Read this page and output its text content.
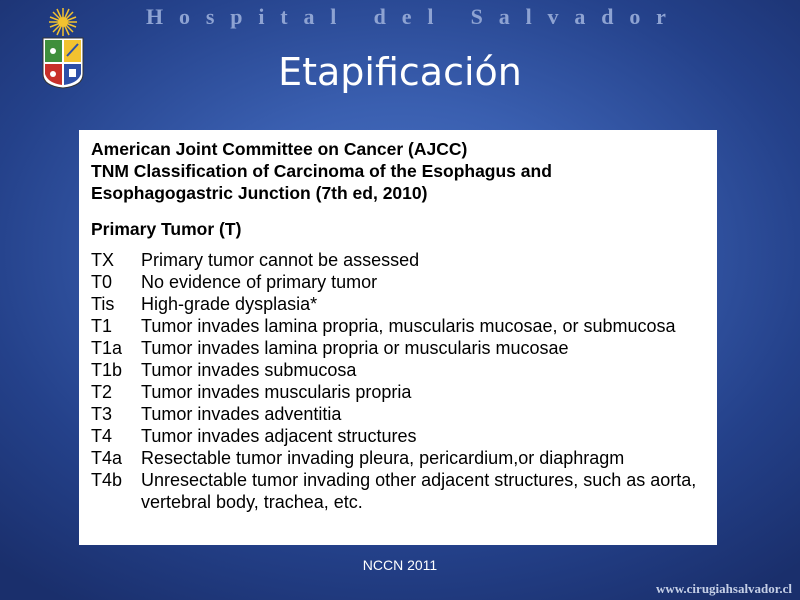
H o s p i t a l
d e l
S a l v a d o r
Etapificación
American Joint Committee on Cancer (AJCC)
TNM Classification of Carcinoma of the Esophagus and
Esophagogastric Junction (7th ed, 2010)
Primary Tumor (T)
TX	Primary tumor cannot be assessed
T0	No evidence of primary tumor
Tis	High-grade dysplasia*
T1	Tumor invades lamina propria, muscularis mucosae, or submucosa
T1a	Tumor invades lamina propria or muscularis mucosae
T1b	Tumor invades submucosa
T2	Tumor invades muscularis propria
T3	Tumor invades adventitia
T4	Tumor invades adjacent structures
T4a	Resectable tumor invading pleura, pericardium,or diaphragm
T4b	Unresectable tumor invading other adjacent structures, such as aorta, vertebral body, trachea, etc.
NCCN 2011
www.cirugiahsalvador.cl
